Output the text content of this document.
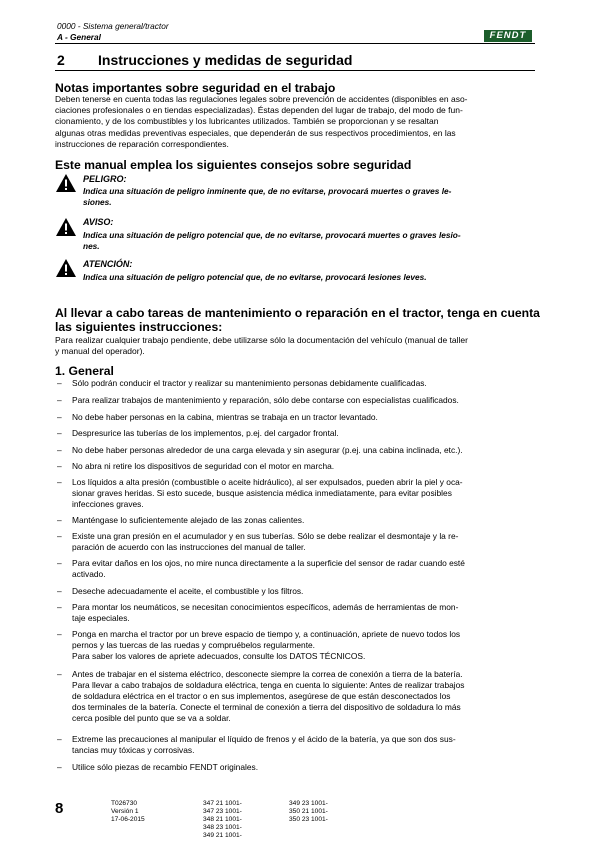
0000 - Sistema general/tractor
A - General	FENDT
2 Instrucciones y medidas de seguridad
Notas importantes sobre seguridad en el trabajo
Deben tenerse en cuenta todas las regulaciones legales sobre prevención de accidentes (disponibles en aso-
ciaciones profesionales o en tiendas especializadas). Éstas dependen del lugar de trabajo, del modo de fun-
cionamiento, y de los combustibles y los lubricantes utilizados. También se proporcionan y se resaltan
algunas otras medidas preventivas especiales, que dependerán de sus respectivos procedimientos, en las
instrucciones de reparación correspondientes.
Este manual emplea los siguientes consejos sobre seguridad
PELIGRO:
Indica una situación de peligro inminente que, de no evitarse, provocará muertes o graves le-
siones.
AVISO:
Indica una situación de peligro potencial que, de no evitarse, provocará muertes o graves lesio-
nes.
ATENCIÓN:
Indica una situación de peligro potencial que, de no evitarse, provocará lesiones leves.
Al llevar a cabo tareas de mantenimiento o reparación en el tractor, tenga en cuenta
las siguientes instrucciones:
Para realizar cualquier trabajo pendiente, debe utilizarse sólo la documentación del vehículo (manual de taller
y manual del operador).
1. General
– Sólo podrán conducir el tractor y realizar su mantenimiento personas debidamente cualificadas.
– Para realizar trabajos de mantenimiento y reparación, sólo debe contarse con especialistas cualificados.
– No debe haber personas en la cabina, mientras se trabaja en un tractor levantado.
– Despresurice las tuberías de los implementos, p.ej. del cargador frontal.
– No debe haber personas alrededor de una carga elevada y sin asegurar (p.ej. una cabina inclinada, etc.).
– No abra ni retire los dispositivos de seguridad con el motor en marcha.
– Los líquidos a alta presión (combustible o aceite hidráulico), al ser expulsados, pueden abrir la piel y oca-
sionar graves heridas. Si esto sucede, busque asistencia médica inmediatamente, para evitar posibles
infecciones graves.
– Manténgase lo suficientemente alejado de las zonas calientes.
– Existe una gran presión en el acumulador y en sus tuberías. Sólo se debe realizar el desmontaje y la re-
paración de acuerdo con las instrucciones del manual de taller.
– Para evitar daños en los ojos, no mire nunca directamente a la superficie del sensor de radar cuando esté
activado.
– Deseche adecuadamente el aceite, el combustible y los filtros.
– Para montar los neumáticos, se necesitan conocimientos específicos, además de herramientas de mon-
taje especiales.
– Ponga en marcha el tractor por un breve espacio de tiempo y, a continuación, apriete de nuevo todos los
pernos y las tuercas de las ruedas y compruébelos regularmente.
Para saber los valores de apriete adecuados, consulte los DATOS TÉCNICOS.
– Antes de trabajar en el sistema eléctrico, desconecte siempre la correa de conexión a tierra de la batería.
Para llevar a cabo trabajos de soldadura eléctrica, tenga en cuenta lo siguiente: Antes de realizar trabajos
de soldadura eléctrica en el tractor o en sus implementos, asegúrese de que están desconectados los
dos terminales de la batería. Conecte el terminal de conexión a tierra del dispositivo de soldadura lo más
cerca posible del punto que se va a soldar.
– Extreme las precauciones al manipular el líquido de frenos y el ácido de la batería, ya que son dos sus-
tancias muy tóxicas y corrosivas.
– Utilice sólo piezas de recambio FENDT originales.
8	T026730
Versión 1
17-06-2015
347 21 1001-
347 23 1001-
348 21 1001-
348 23 1001-
349 21 1001-
349 23 1001-
350 21 1001-
350 23 1001-
